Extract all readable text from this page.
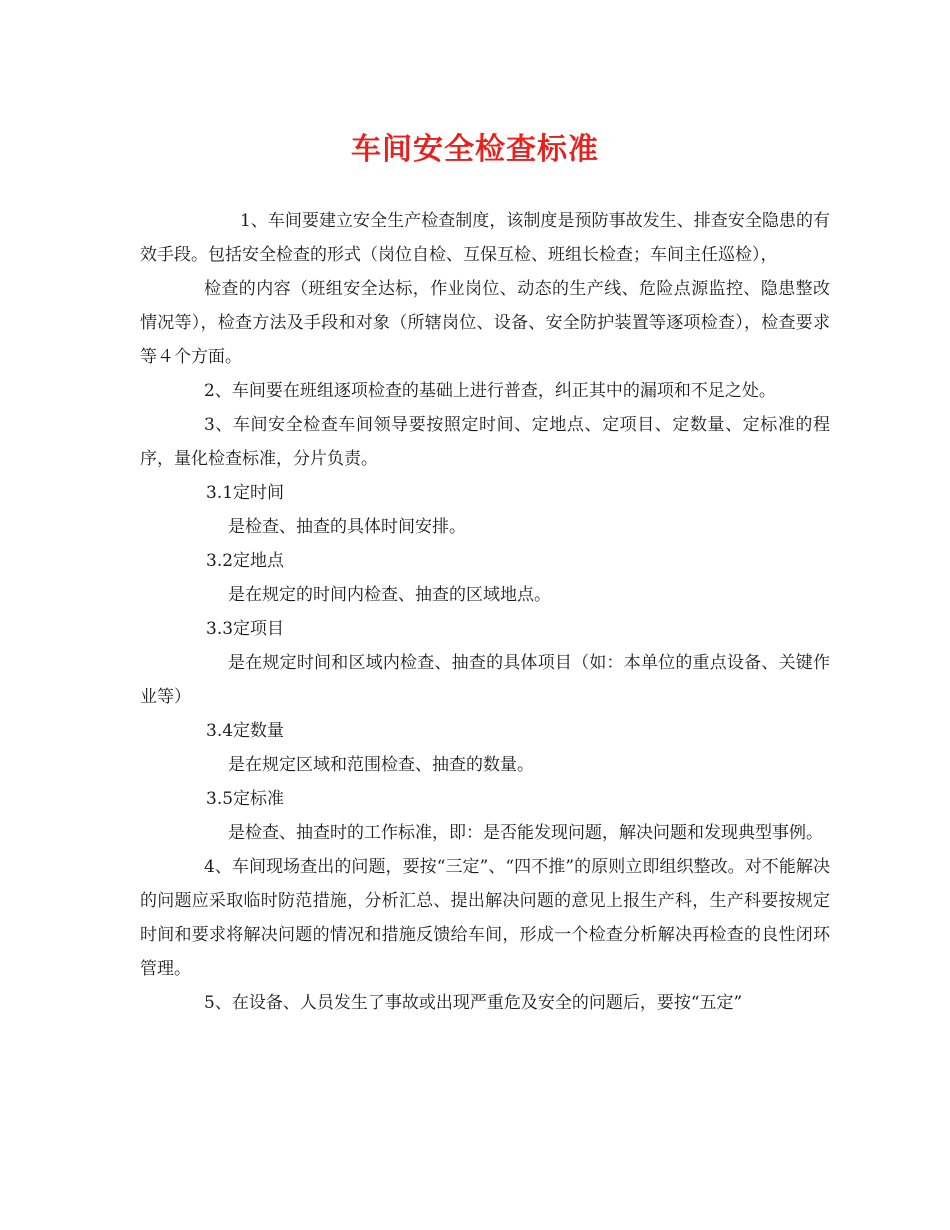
车间安全检查标准

1、车间要建立安全生产检查制度，该制度是预防事故发生、排查安全隐患的有效手段。包括安全检查的形式（岗位自检、互保互检、班组长检查；车间主任巡检），

检查的内容（班组安全达标，作业岗位、动态的生产线、危险点源监控、隐患整改情况等），检查方法及手段和对象（所辖岗位、设备、安全防护装置等逐项检查），检查要求等４个方面。

2、车间要在班组逐项检查的基础上进行普查，纠正其中的漏项和不足之处。

3、车间安全检查车间领导要按照定时间、定地点、定项目、定数量、定标准的程序，量化检查标准，分片负责。

3.1定时间

是检查、抽查的具体时间安排。

3.2定地点

是在规定的时间内检查、抽查的区域地点。

3.3定项目

是在规定时间和区域内检查、抽查的具体项目（如：本单位的重点设备、关键作业等）

3.4定数量

是在规定区域和范围检查、抽查的数量。

3.5定标准

是检查、抽查时的工作标准，即：是否能发现问题，解决问题和发现典型事例。

4、车间现场查出的问题，要按“三定”、“四不推”的原则立即组织整改。对不能解决的问题应采取临时防范措施，分析汇总、提出解决问题的意见上报生产科，生产科要按规定时间和要求将解决问题的情况和措施反馈给车间，形成一个检查分析解决再检查的良性闭环管理。

5、在设备、人员发生了事故或出现严重危及安全的问题后，要按“五定”
